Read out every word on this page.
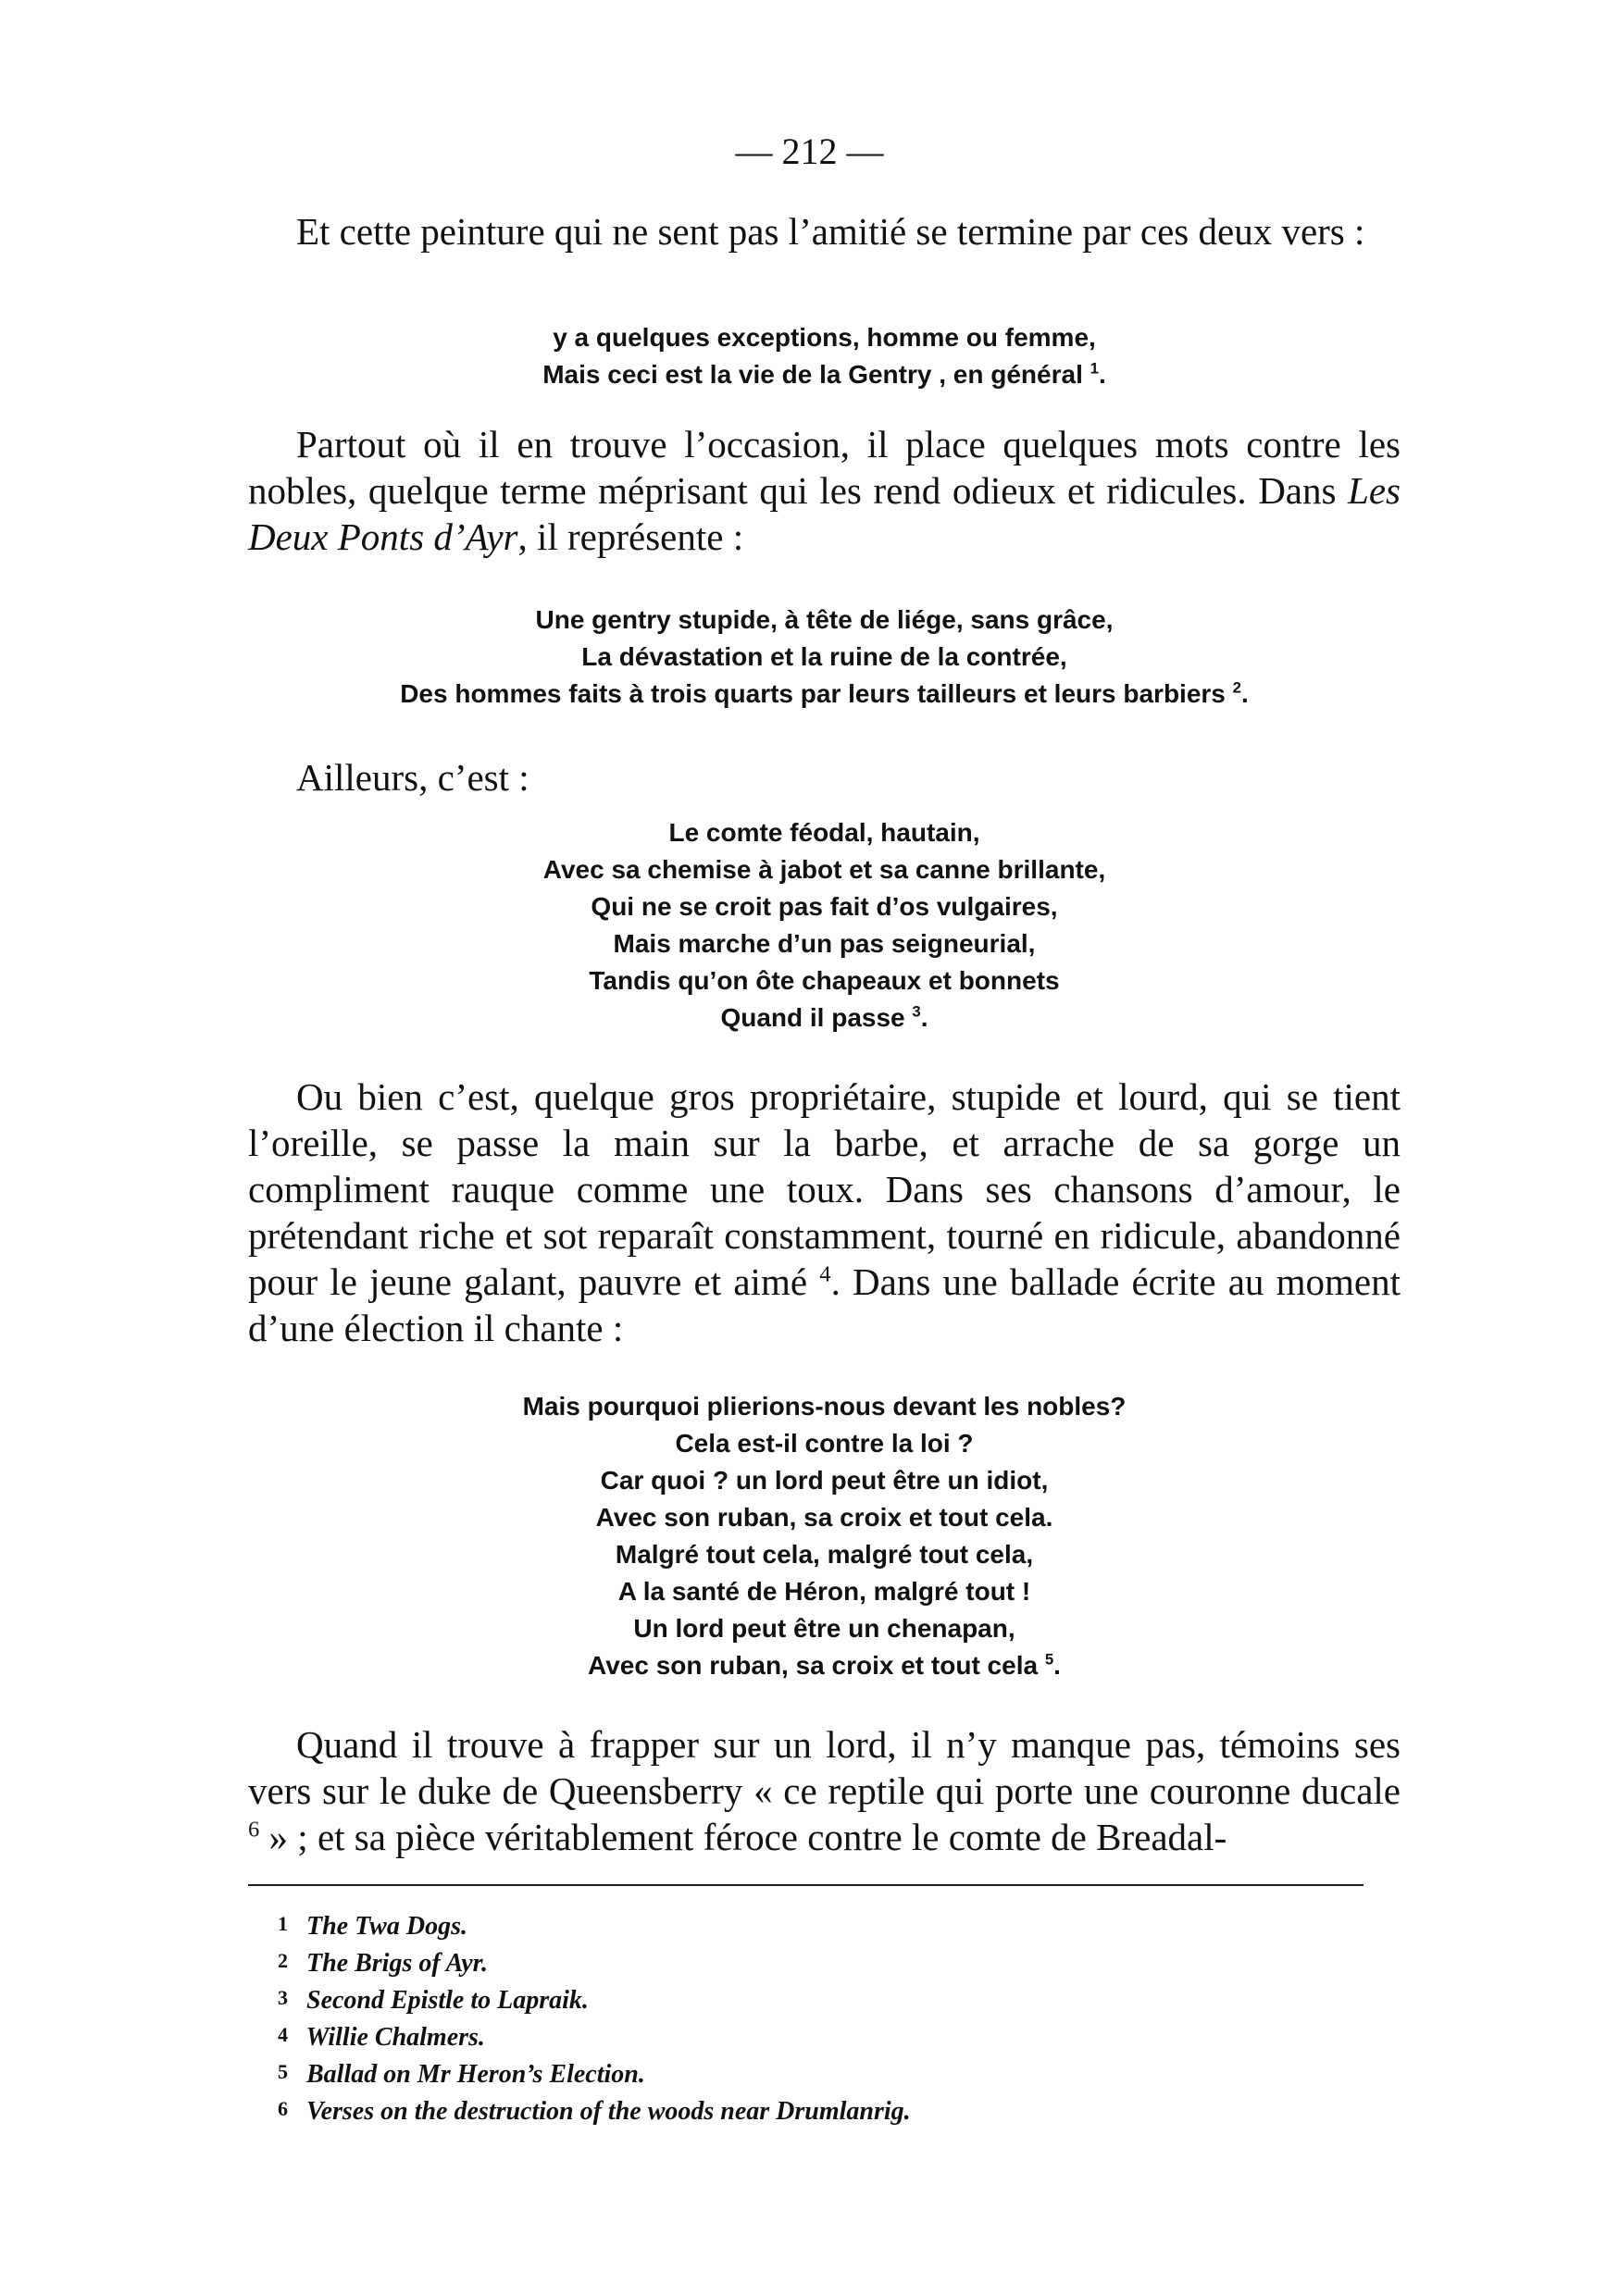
— 212 —

Et cette peinture qui ne sent pas l’amitié se termine par ces deux vers :

y a quelques exceptions, homme ou femme,
Mais ceci est la vie de la Gentry , en général $^1$.

Partout où il en trouve l’occasion, il place quelques mots contre les nobles, quelque terme méprisant qui les rend odieux et ridicules. Dans Les Deux Ponts d’Ayr, il représente :

Une gentry stupide, à tête de liége, sans grâce,
La dévastation et la ruine de la contrée,
Des hommes faits à trois quarts par leurs tailleurs et leurs barbiers $^2$.

Ailleurs, c’est :

Le comte féodal, hautain,
Avec sa chemise à jabot et sa canne brillante,
Qui ne se croit pas fait d’os vulgaires,
Mais marche d’un pas seigneurial,
Tandis qu’on ôte chapeaux et bonnets
Quand il passe $^3$.

Ou bien c’est, quelque gros propriétaire, stupide et lourd, qui se tient l’oreille, se passe la main sur la barbe, et arrache de sa gorge un compliment rauque comme une toux. Dans ses chansons d’amour, le prétendant riche et sot reparaît constamment, tourné en ridicule, abandonné pour le jeune galant, pauvre et aimé $^4$. Dans une ballade écrite au moment d’une élection il chante :

Mais pourquoi plierions-nous devant les nobles?
Cela est-il contre la loi ?
Car quoi ? un lord peut être un idiot,
Avec son ruban, sa croix et tout cela.
Malgré tout cela, malgré tout cela,
A la santé de Héron, malgré tout !
Un lord peut être un chenapan,
Avec son ruban, sa croix et tout cela $^5$.

Quand il trouve à frapper sur un lord, il n’y manque pas, témoins ses vers sur le duke de Queensberry « ce reptile qui porte une couronne ducale $^6$ » ; et sa pièce véritablement féroce contre le comte de Breadal-

1 The Twa Dogs.
2 The Brigs of Ayr.
3 Second Epistle to Lapraik.
4 Willie Chalmers.
5 Ballad on Mr Heron’s Election.
6 Verses on the destruction of the woods near Drumlanrig.
